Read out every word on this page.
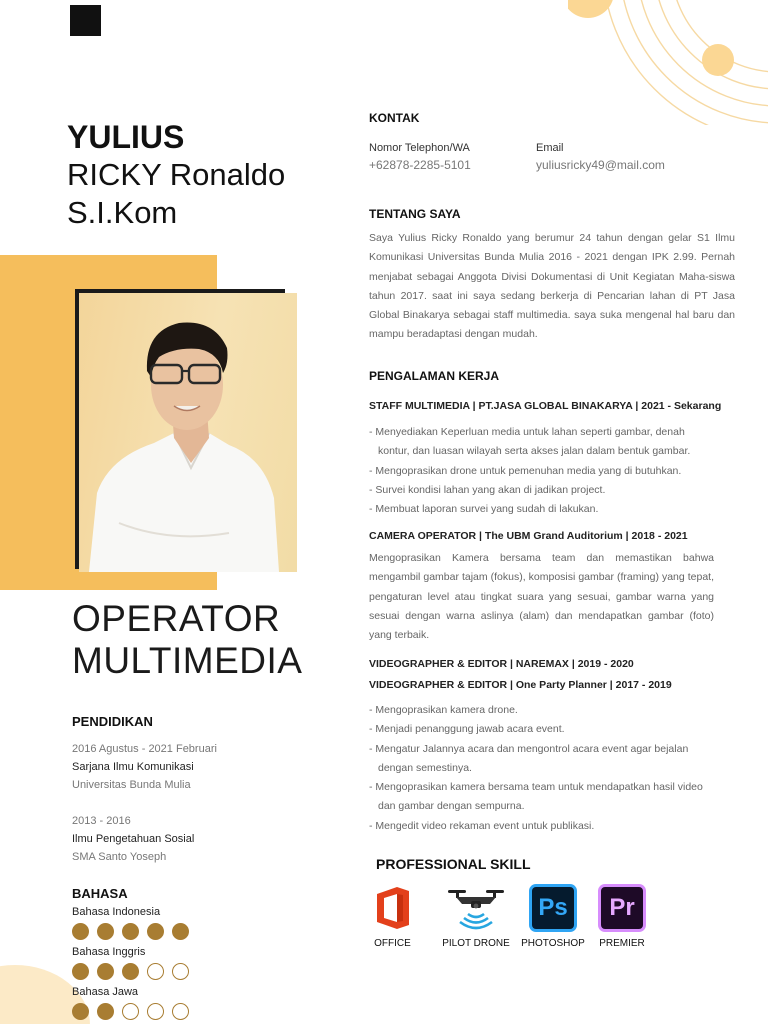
YULIUS
RICKY Ronaldo
S.I.Kom
OPERATOR
MULTIMEDIA
PENDIDIKAN
2016 Agustus - 2021 Februari
Sarjana Ilmu Komunikasi
Universitas Bunda Mulia
2013 - 2016
Ilmu Pengetahuan Sosial
SMA Santo Yoseph
BAHASA
Bahasa Indonesia
Bahasa Inggris
Bahasa Jawa
KONTAK
Nomor Telephon/WA
+62878-2285-5101
Email
yuliusricky49@mail.com
TENTANG SAYA
Saya Yulius Ricky Ronaldo yang berumur 24 tahun dengan gelar S1 Ilmu Komunikasi Universitas Bunda Mulia 2016 - 2021 dengan IPK 2.99. Pernah menjabat sebagai Anggota Divisi Dokumentasi di Unit Kegiatan Maha-siswa tahun 2017. saat ini saya sedang berkerja di Pencarian lahan di PT Jasa Global Binakarya sebagai staff multimedia. saya suka mengenal hal baru dan mampu beradaptasi dengan mudah.
PENGALAMAN KERJA
STAFF MULTIMEDIA | PT.JASA GLOBAL BINAKARYA | 2021 - Sekarang
- Menyediakan Keperluan media untuk lahan seperti gambar, denah kontur, dan luasan wilayah serta akses jalan dalam bentuk gambar.
- Mengoprasikan drone untuk pemenuhan media yang di butuhkan.
- Survei kondisi lahan yang akan di jadikan project.
- Membuat laporan survei yang sudah di lakukan.
CAMERA OPERATOR | The UBM Grand Auditorium | 2018 - 2021
Mengoprasikan Kamera bersama team dan memastikan bahwa mengambil gambar tajam (fokus), komposisi gambar (framing) yang tepat, pengaturan level atau tingkat suara yang sesuai, gambar warna yang sesuai dengan warna aslinya (alam) dan mendapatkan gambar (foto) yang terbaik.
VIDEOGRAPHER & EDITOR | NAREMAX | 2019 - 2020
VIDEOGRAPHER & EDITOR | One Party Planner | 2017 - 2019
- Mengoprasikan kamera drone.
- Menjadi penanggung jawab acara event.
- Mengatur Jalannya acara dan mengontrol acara event agar bejalan dengan semestinya.
- Mengoprasikan kamera bersama team untuk mendapatkan hasil video dan gambar dengan sempurna.
- Mengedit video rekaman event untuk publikasi.
PROFESSIONAL SKILL
OFFICE	PILOT DRONE
Ps
PHOTOSHOP
Pr
PREMIER
